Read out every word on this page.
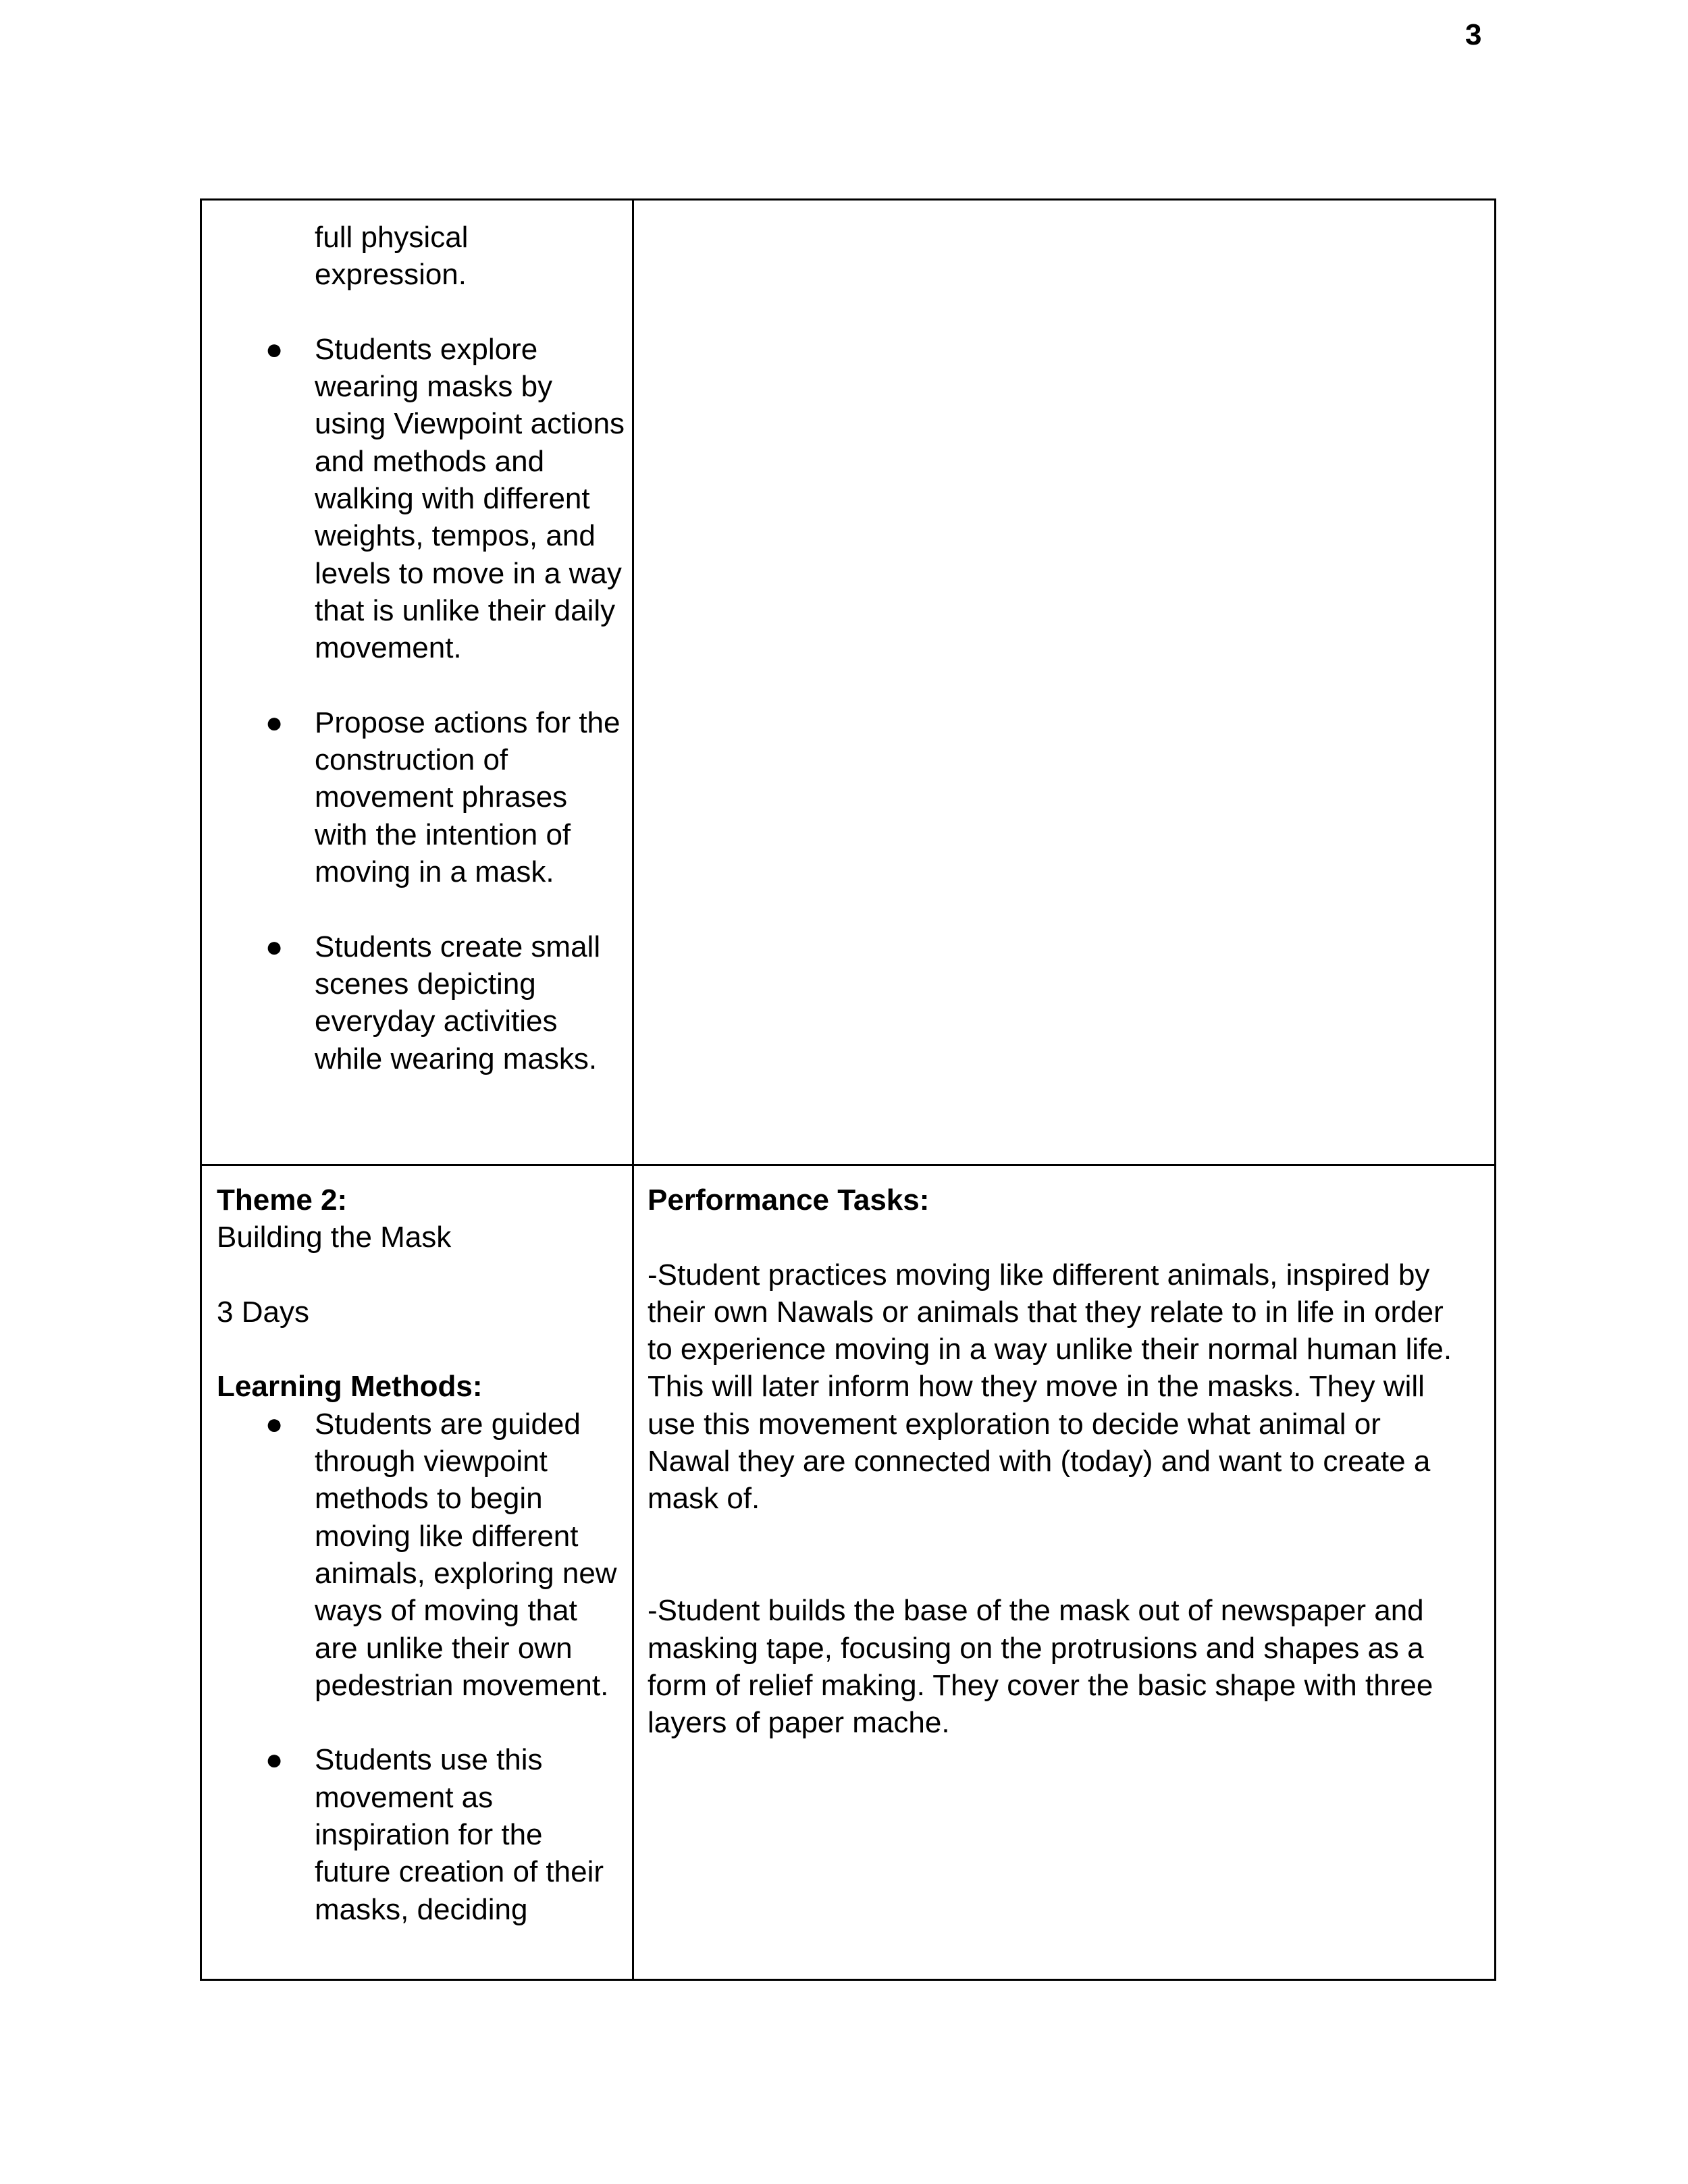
3
full physical
expression.
● Students explore wearing masks by using Viewpoint actions and methods and walking with different weights, tempos, and levels to move in a way that is unlike their daily movement.
● Propose actions for the construction of movement phrases with the intention of moving in a mask.
● Students create small scenes depicting everyday activities while wearing masks.
Theme 2:
Building the Mask
3 Days
Learning Methods:
● Students are guided through viewpoint methods to begin moving like different animals, exploring new ways of moving that are unlike their own pedestrian movement.
● Students use this movement as inspiration for the future creation of their masks, deciding
Performance Tasks:
-Student practices moving like different animals, inspired by
their own Nawals or animals that they relate to in life in order
to experience moving in a way unlike their normal human life.
This will later inform how they move in the masks. They will
use this movement exploration to decide what animal or
Nawal they are connected with (today) and want to create a
mask of.
-Student builds the base of the mask out of newspaper and
masking tape, focusing on the protrusions and shapes as a
form of relief making. They cover the basic shape with three
layers of paper mache.
